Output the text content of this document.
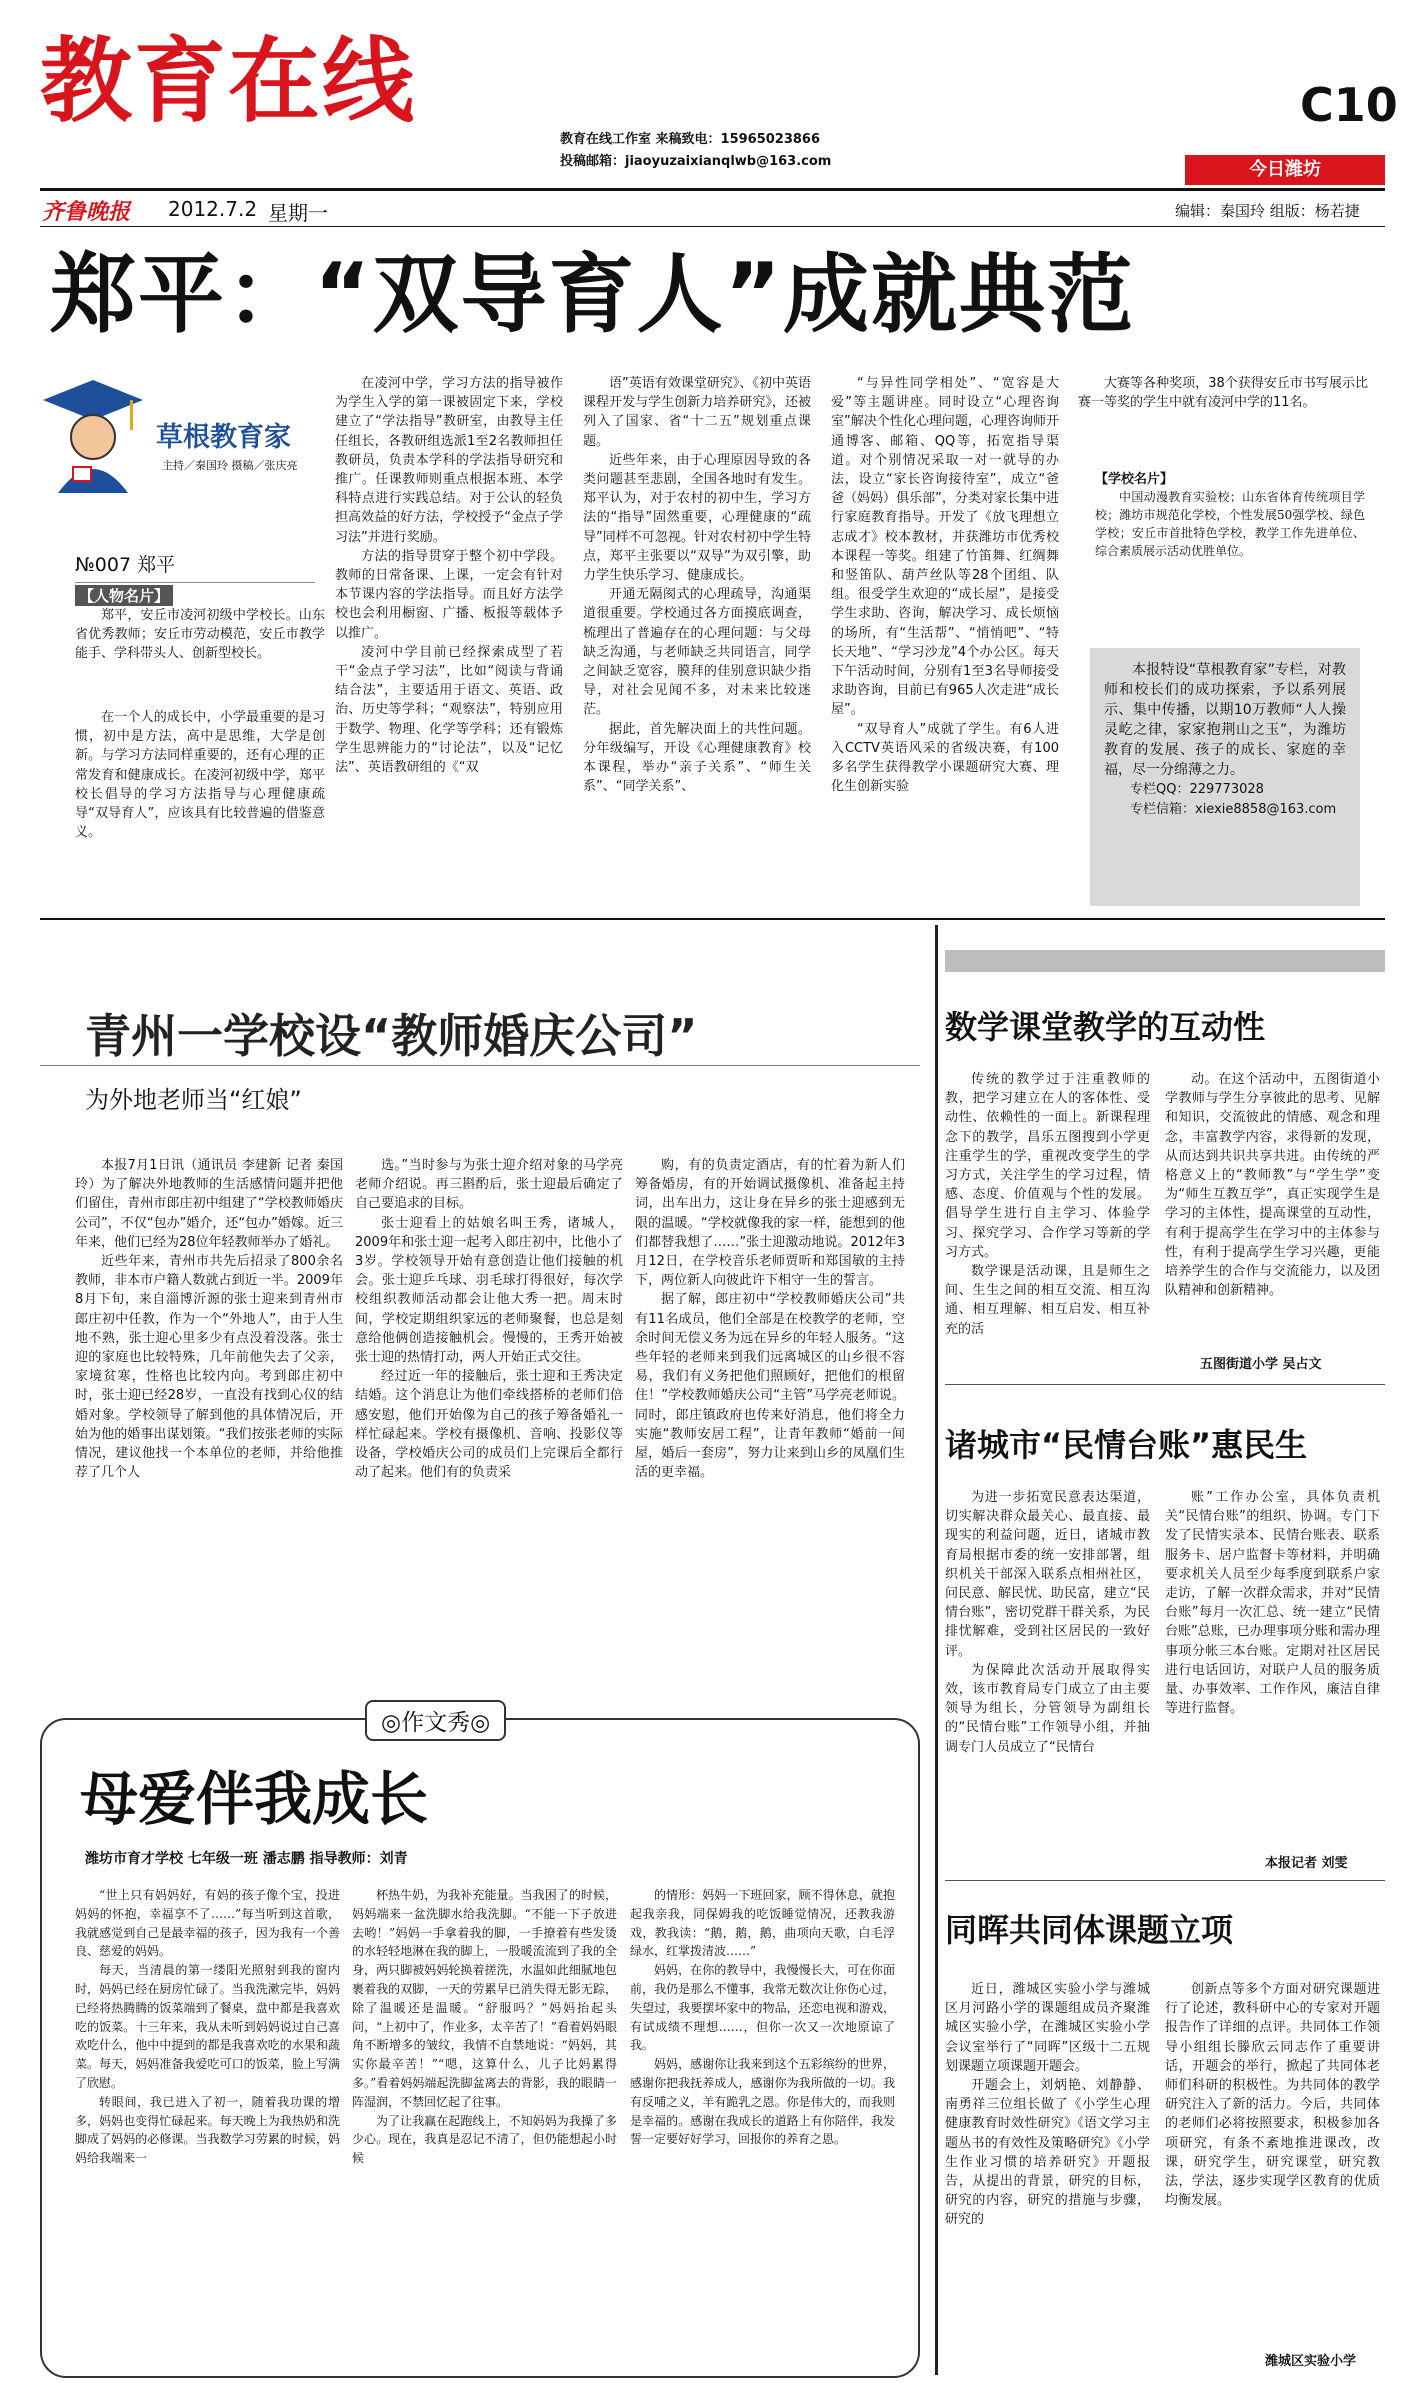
教育在线
教育在线工作室 来稿致电：15965023866
投稿邮箱：jiaoyuzaixianqlwb@163.com
C10
今日潍坊
齐鲁晚报 2012.7.2 星期一	编辑：秦国玲 组版：杨若捷
郑平：“双导育人”成就典范
草根教育家
主持／秦国玲 摄稿／张庆亮
№007 郑平
【人物名片】

郑平，安丘市凌河初级中学校长。山东省优秀教师；安丘市劳动模范，安丘市教学能手、学科带头人、创新型校长。

在一个人的成长中，小学最重要的是习惯，初中是方法，高中是思维，大学是创新。与学习方法同样重要的，还有心理的正常发育和健康成长。在凌河初级中学，郑平校长倡导的学习方法指导与心理健康疏导“双导育人”，应该具有比较普遍的借鉴意义。

在凌河中学，学习方法的指导被作为学生入学的第一课被固定下来，学校建立了“学法指导”教研室，由教导主任任组长，各教研组选派1至2名教师担任教研员，负责本学科的学法指导研究和推广。任课教师则重点根据本班、本学科特点进行实践总结。对于公认的轻负担高效益的好方法，学校授予“金点子学习法”并进行奖励。

方法的指导贯穿于整个初中学段。教师的日常备课、上课，一定会有针对本节课内容的学法指导。而且好方法学校也会利用橱窗、广播、板报等载体予以推广。

凌河中学目前已经探索成型了若干“金点子学习法”，比如“阅读与背诵结合法”，主要适用于语文、英语、政治、历史等学科；“观察法”，特别应用于数学、物理、化学等学科；还有锻炼学生思辨能力的“讨论法”，以及“记忆法”、英语教研组的《“双

语”英语有效课堂研究》、《初中英语课程开发与学生创新力培养研究》，还被列入了国家、省“十二五”规划重点课题。

近些年来，由于心理原因导致的各类问题甚至悲剧，全国各地时有发生。郑平认为，对于农村的初中生，学习方法的“指导”固然重要，心理健康的“疏导”同样不可忽视。针对农村初中学生特点，郑平主张要以“双导”为双引擎，助力学生快乐学习、健康成长。

开通无隔阂式的心理疏导，沟通渠道很重要。学校通过各方面摸底调查，梳理出了普遍存在的心理问题：与父母缺乏沟通，与老师缺乏共同语言，同学之间缺乏宽容，膜拜的佳别意识缺少指导，对社会见闻不多，对未来比较迷茫。

据此，首先解决面上的共性问题。分年级编写，开设《心理健康教育》校本课程，举办“亲子关系”、“师生关系”、“同学关系”、

“与异性同学相处”、“宽容是大爱”等主题讲座。同时设立“心理咨询室”解决个性化心理问题，心理咨询师开通博客、邮箱、QQ等，拓宽指导渠道。对个别情况采取一对一就导的办法，设立“家长咨询接待室”，成立“爸爸（妈妈）俱乐部”，分类对家长集中进行家庭教育指导。开发了《放飞理想立志成才》校本教材，并获潍坊市优秀校本课程一等奖。组建了竹笛舞、红绸舞和竖笛队、葫芦丝队等28个团组、队组。很受学生欢迎的“成长屋”，是接受学生求助、咨询，解决学习、成长烦恼的场所，有“生活帮”、“悄悄吧”、“特长天地”、“学习沙龙”4个办公区。每天下午活动时间，分别有1至3名导师接受求助咨询，目前已有965人次走进“成长屋”。

“双导育人”成就了学生。有6人进入CCTV英语风采的省级决赛，有100多名学生获得教学小课题研究大赛、理化生创新实验

大赛等各种奖项，38个获得安丘市书写展示比赛一等奖的学生中就有凌河中学的11名。

【学校名片】

中国动漫教育实验校；山东省体育传统项目学校；潍坊市规范化学校，个性发展50强学校、绿色学校；安丘市首批特色学校，教学工作先进单位、综合素质展示活动优胜单位。

本报特设“草根教育家”专栏，对教师和校长们的成功探索，予以系列展示、集中传播，以期10万教师“人人操灵屹之律，家家抱荆山之玉”，为潍坊教育的发展、孩子的成长、家庭的幸福，尽一分绵薄之力。

专栏QQ：229773028
专栏信箱：xiexie8858@163.com
青州一学校设“教师婚庆公司”
为外地老师当“红娘”

本报7月1日讯（通讯员 李建新 记者 秦国玲）为了解决外地教师的生活感情问题并把他们留住，青州市郎庄初中组建了“学校教师婚庆公司”，不仅“包办”婚介，还“包办”婚嫁。近三年来，他们已经为28位年轻教师举办了婚礼。

近些年来，青州市共先后招录了800余名教师，非本市户籍人数就占到近一半。2009年8月下旬，来自淄博沂源的张士迎来到青州市郎庄初中任教，作为一个“外地人”，由于人生地不熟，张士迎心里多少有点没着没落。张士迎的家庭也比较特殊，几年前他失去了父亲，家境贫寒，性格也比较内向。考到郎庄初中时，张士迎已经28岁，一直没有找到心仪的结婚对象。学校领导了解到他的具体情况后，开始为他的婚事出谋划策。“我们按张老师的实际情况，建议他找一个本单位的老师，并给他推荐了几个人

选。”当时参与为张士迎介绍对象的马学亮老师介绍说。再三斟酌后，张士迎最后确定了自己要追求的目标。

张士迎看上的姑娘名叫王秀，诸城人，2009年和张士迎一起考入郎庄初中，比他小了3岁。学校领导开始有意创造让他们接触的机会。张士迎乒乓球、羽毛球打得很好，每次学校组织教师活动都会让他大秀一把。周末时间，学校定期组织家远的老师聚餐，也总是刻意给他俩创造接触机会。慢慢的，王秀开始被张士迎的热情打动，两人开始正式交往。

经过近一年的接触后，张士迎和王秀决定结婚。这个消息让为他们牵线搭桥的老师们倍感安慰，他们开始像为自己的孩子筹备婚礼一样忙碌起来。学校有摄像机、音响、投影仪等设备，学校婚庆公司的成员们上完课后全都行动了起来。他们有的负责采

购，有的负责定酒店，有的忙着为新人们筹备婚房，有的开始调试摄像机、准备起主持词，出车出力，这让身在异乡的张士迎感到无限的温暖。“学校就像我的家一样，能想到的他们都替我想了……”张士迎激动地说。2012年3月12日，在学校音乐老师贾昕和郑国敏的主持下，两位新人向彼此许下相守一生的誓言。

据了解，郎庄初中“学校教师婚庆公司”共有11名成员，他们全部是在校教学的老师，空余时间无偿义务为远在异乡的年轻人服务。“这些年轻的老师来到我们远离城区的山乡很不容易，我们有义务把他们照顾好，把他们的根留住！”学校教师婚庆公司“主管”马学亮老师说。同时，郎庄镇政府也传来好消息，他们将全力实施“教师安居工程”，让青年教师“婚前一间屋，婚后一套房”，努力让来到山乡的凤凰们生活的更幸福。

◎作文秀◎
母爱伴我成长
潍坊市育才学校 七年级一班 潘志鹏 指导教师：刘青

“世上只有妈妈好，有妈的孩子像个宝，投进妈妈的怀抱，幸福享不了……”每当听到这首歌，我就感觉到自己是最幸福的孩子，因为我有一个善良、慈爱的妈妈。

每天，当清晨的第一缕阳光照射到我的窗内时，妈妈已经在厨房忙碌了。当我洗漱完毕，妈妈已经将热腾腾的饭菜端到了餐桌，盘中都是我喜欢吃的饭菜。十三年来，我从未听到妈妈说过自己喜欢吃什么，他中中提到的都是我喜欢吃的水果和蔬菜。每天，妈妈准备我爱吃可口的饭菜，脸上写满了欣慰。

转眼间，我已进入了初一，随着我功课的增多，妈妈也变得忙碌起来。每天晚上为我热奶和洗脚成了妈妈的必修课。当我数学习劳累的时候，妈妈给我端来一

杯热牛奶，为我补充能量。当我困了的时候，妈妈端来一盆洗脚水给我洗脚。“不能一下子放进去哟！”妈妈一手拿着我的脚，一手撩着有些发烫的水轻轻地淋在我的脚上，一股暖流流到了我的全身，两只脚被妈妈轮换着搓洗，水温如此细腻地包裹着我的双脚，一天的劳累早已消失得无影无踪，除了温暖还是温暖。“舒服吗？”妈妈抬起头问，“上初中了，作业多，太辛苦了！”看着妈妈眼角不断增多的皱纹，我情不自禁地说：“妈妈，其实你最辛苦！”“嗯，这算什么，儿子比妈累得多。”看着妈妈端起洗脚盆离去的背影，我的眼睛一阵湿润，不禁回忆起了往事。

为了让我赢在起跑线上，不知妈妈为我操了多少心。现在，我真是忍记不清了，但仍能想起小时候

的情形：妈妈一下班回家，顾不得休息，就抱起我亲我，同保姆我的吃饭睡觉情况，还教我游戏，教我读：“鹅，鹅，鹅，曲项向天歌，白毛浮绿水，红掌拨清波……”

妈妈，在你的教导中，我慢慢长大，可在你面前，我仍是那么不懂事，我常无数次让你伤心过，失望过，我要摆坏家中的物品，还恋电视和游戏，有试成绩不理想……，但你一次又一次地原谅了我。

妈妈，感谢你让我来到这个五彩缤纷的世界，感谢你把我抚养成人，感谢你为我所做的一切。我有反哺之义，羊有跪乳之恩。你是伟大的，而我则是幸福的。感谢在我成长的道路上有你陪伴，我发誓一定要好好学习，回报你的养育之恩。

数学课堂教学的互动性

传统的教学过于注重教师的教，把学习建立在人的客体性、受动性、依赖性的一面上。新课程理念下的教学，昌乐五图搜到小学更注重学生的学，重视改变学生的学习方式，关注学生的学习过程，情感、态度、价值观与个性的发展。倡导学生进行自主学习、体验学习、探究学习、合作学习等新的学习方式。

数学课是活动课，且是师生之间、生生之间的相互交流、相互沟通、相互理解、相互启发、相互补充的活

动。在这个活动中，五图街道小学教师与学生分享彼此的思考、见解和知识，交流彼此的情感、观念和理念，丰富教学内容，求得新的发现，从而达到共识共享共进。由传统的严格意义上的“教师教”与“学生学”变为“师生互教互学”，真正实现学生是学习的主体性，提高课堂的互动性，有利于提高学生在学习中的主体参与性，有利于提高学生学习兴趣，更能培养学生的合作与交流能力，以及团队精神和创新精神。

五图街道小学 吴占文
诸城市“民情台账”惠民生

为进一步拓宽民意表达渠道，切实解决群众最关心、最直接、最现实的利益问题，近日，诸城市教育局根据市委的统一安排部署，组织机关干部深入联系点相州社区，问民意、解民忧、助民富，建立“民情台账”，密切党群干群关系，为民排忧解难，受到社区居民的一致好评。

为保障此次活动开展取得实效，该市教育局专门成立了由主要领导为组长，分管领导为副组长的“民情台账”工作领导小组，并抽调专门人员成立了“民情台

账”工作办公室，具体负责机关“民情台账”的组织、协调。专门下发了民情实录本、民情台账表、联系服务卡、居户监督卡等材料，并明确要求机关人员至少每季度到联系户家走访，了解一次群众需求，并对“民情台账”每月一次汇总、统一建立“民情台账”总账，已办理事项分账和需办理事项分帐三本台账。定期对社区居民进行电话回访，对联户人员的服务质量、办事效率、工作作风，廉洁自律等进行监督。

本报记者 刘雯
同晖共同体课题立项

近日，潍城区实验小学与潍城区月河路小学的课题组成员齐聚潍城区实验小学，在潍城区实验小学会议室举行了“同晖”区级十二五规划课题立项课题开题会。

开题会上，刘炳艳、刘静静、南勇祥三位组长做了《小学生心理健康教育时效性研究》《语文学习主题丛书的有效性及策略研究》《小学生作业习惯的培养研究》开题报告，从提出的背景，研究的目标，研究的内容，研究的措施与步骤，研究的

创新点等多个方面对研究课题进行了论述，教科研中心的专家对开题报告作了详细的点评。共同体工作领导小组组长滕欣云同志作了重要讲话，开题会的举行，掀起了共同体老师们科研的积极性。为共同体的教学研究注入了新的活力。今后，共同体的老师们必将按照要求，积极参加各项研究，有条不紊地推进课改，改课，研究学生，研究课堂，研究教法，学法，逐步实现学区教育的优质均衡发展。

潍城区实验小学
